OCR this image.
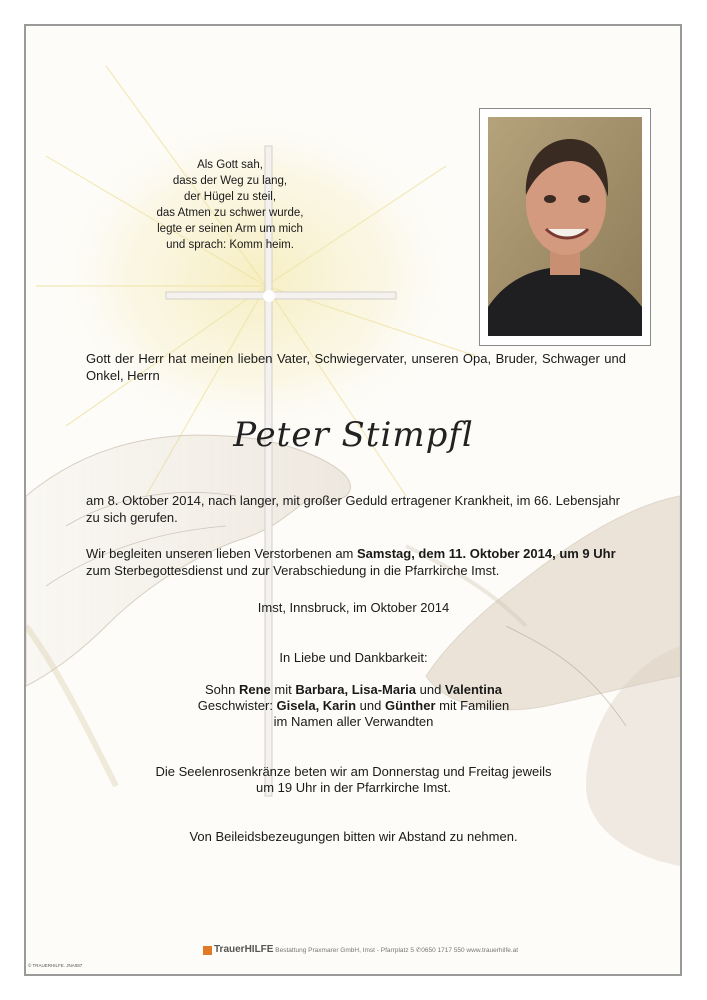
Als Gott sah,
dass der Weg zu lang,
der Hügel zu steil,
das Atmen zu schwer wurde,
legte er seinen Arm um mich
und sprach: Komm heim.
Gott der Herr hat meinen lieben Vater, Schwiegervater, unseren Opa, Bruder, Schwager und Onkel, Herrn
Peter Stimpfl
am 8. Oktober 2014, nach langer, mit großer Geduld ertragener Krankheit, im 66. Lebensjahr zu sich gerufen.
Wir begleiten unseren lieben Verstorbenen am Samstag, dem 11. Oktober 2014, um 9 Uhr zum Sterbegottesdienst und zur Verabschiedung in die Pfarrkirche Imst.
Imst, Innsbruck, im Oktober 2014
In Liebe und Dankbarkeit:
Sohn Rene mit Barbara, Lisa-Maria und Valentina
Geschwister: Gisela, Karin und Günther mit Familien
im Namen aller Verwandten
Die Seelenrosenkränze beten wir am Donnerstag und Freitag jeweils
um 19 Uhr in der Pfarrkirche Imst.
Von Beileidsbezeugungen bitten wir Abstand zu nehmen.
TrauerHILFE Bestattung Praxmarer GmbH, Imst - Pfarrplatz 5 ✆0650 1717 550 www.trauerhilfe.at
© TRAUERHILFE. JNA087
